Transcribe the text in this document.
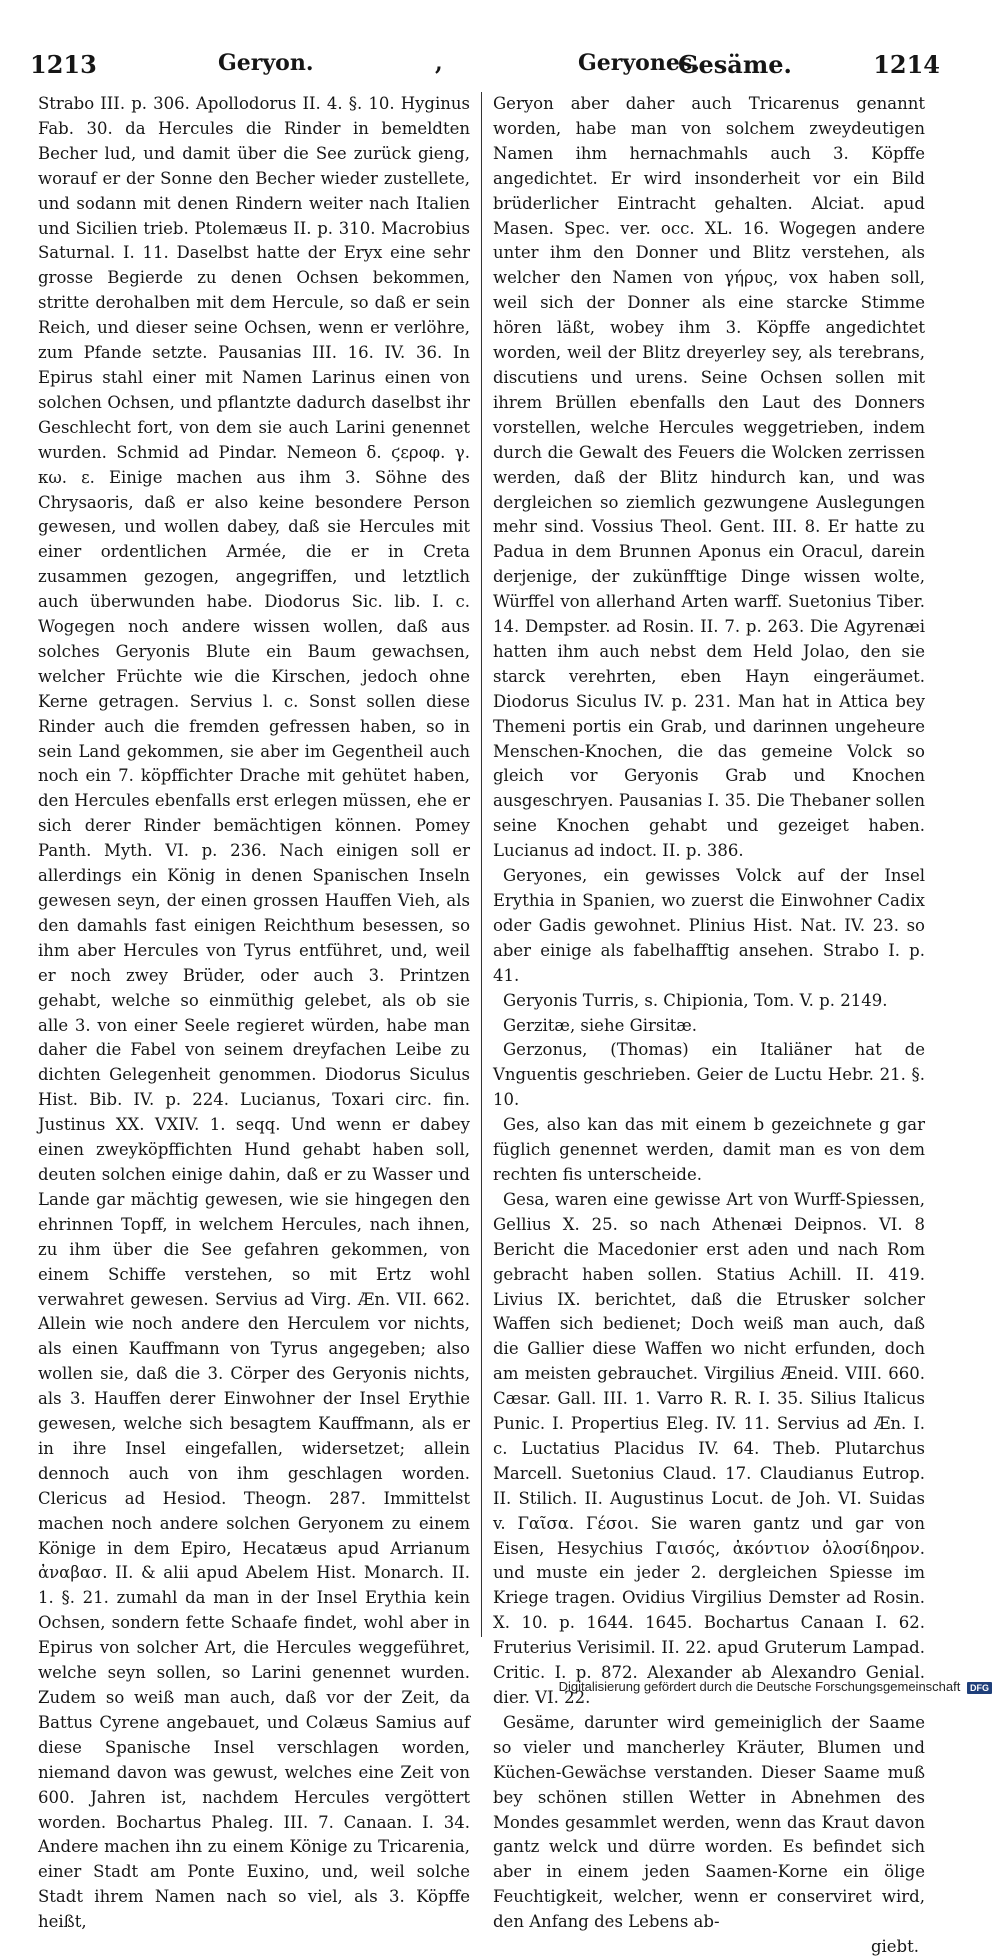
1213	Geryon.	,	Geryones.
Gesäme.	1214

Strabo III. p. 306. Apollodorus II. 4. §. 10. Hyginus Fab. 30. da Hercules die Rinder in bemeldten Becher lud, und damit über die See zurück gieng, worauf er der Sonne den Becher wieder zustellete, und sodann mit denen Rindern weiter nach Italien und Sicilien trieb. Ptolemæus II. p. 310. Macrobius Saturnal. I. 11. Daselbst hatte der Eryx eine sehr grosse Begierde zu denen Ochsen bekommen, stritte derohalben mit dem Hercule, so daß er sein Reich, und dieser seine Ochsen, wenn er verlöhre, zum Pfande setzte. Pausanias III. 16. IV. 36. In Epirus stahl einer mit Namen Larinus einen von solchen Ochsen, und pflantzte dadurch daselbst ihr Geschlecht fort, von dem sie auch Larini genennet wurden. Schmid ad Pindar. Nemeon δ. ϛεροφ. γ. κω. ε. Einige machen aus ihm 3. Söhne des Chrysaoris, daß er also keine besondere Person gewesen, und wollen dabey, daß sie Hercules mit einer ordentlichen Armée, die er in Creta zusammen gezogen, angegriffen, und letztlich auch überwunden habe. Diodorus Sic. lib. I. c. Wogegen noch andere wissen wollen, daß aus solches Geryonis Blute ein Baum gewachsen, welcher Früchte wie die Kirschen, jedoch ohne Kerne getragen. Servius l. c. Sonst sollen diese Rinder auch die fremden gefressen haben, so in sein Land gekommen, sie aber im Gegentheil auch noch ein 7. köpffichter Drache mit gehütet haben, den Hercules ebenfalls erst erlegen müssen, ehe er sich derer Rinder bemächtigen können. Pomey Panth. Myth. VI. p. 236. Nach einigen soll er allerdings ein König in denen Spanischen Inseln gewesen seyn, der einen grossen Hauffen Vieh, als den damahls fast einigen Reichthum besessen, so ihm aber Hercules von Tyrus entführet, und, weil er noch zwey Brüder, oder auch 3. Printzen gehabt, welche so einmüthig gelebet, als ob sie alle 3. von einer Seele regieret würden, habe man daher die Fabel von seinem dreyfachen Leibe zu dichten Gelegenheit genommen. Diodorus Siculus Hist. Bib. IV. p. 224. Lucianus, Toxari circ. fin. Justinus XX. VXIV. 1. seqq. Und wenn er dabey einen zweyköpffichten Hund gehabt haben soll, deuten solchen einige dahin, daß er zu Wasser und Lande gar mächtig gewesen, wie sie hingegen den ehrinnen Topff, in welchem Hercules, nach ihnen, zu ihm über die See gefahren gekommen, von einem Schiffe verstehen, so mit Ertz wohl verwahret gewesen. Servius ad Virg. Æn. VII. 662. Allein wie noch andere den Herculem vor nichts, als einen Kauffmann von Tyrus angegeben; also wollen sie, daß die 3. Cörper des Geryonis nichts, als 3. Hauffen derer Einwohner der Insel Erythie gewesen, welche sich besagtem Kauffmann, als er in ihre Insel eingefallen, widersetzet; allein dennoch auch von ihm geschlagen worden. Clericus ad Hesiod. Theogn. 287. Immittelst machen noch andere solchen Geryonem zu einem Könige in dem Epiro, Hecatæus apud Arrianum ἀναβασ. II. & alii apud Abelem Hist. Monarch. II. 1. §. 21. zumahl da man in der Insel Erythia kein Ochsen, sondern fette Schaafe findet, wohl aber in Epirus von solcher Art, die Hercules weggeführet, welche seyn sollen, so Larini genennet wurden. Zudem so weiß man auch, daß vor der Zeit, da Battus Cyrene angebauet, und Colæus Samius auf diese Spanische Insel verschlagen worden, niemand davon was gewust, welches eine Zeit von 600. Jahren ist, nachdem Hercules vergöttert worden. Bochartus Phaleg. III. 7. Canaan. I. 34. Andere machen ihn zu einem Könige zu Tricarenia, einer Stadt am Ponte Euxino, und, weil solche Stadt ihrem Namen nach so viel, als 3. Köpffe heißt,

Geryon aber daher auch Tricarenus genannt worden, habe man von solchem zweydeutigen Namen ihm hernachmahls auch 3. Köpffe angedichtet. Er wird insonderheit vor ein Bild brüderlicher Eintracht gehalten. Alciat. apud Masen. Spec. ver. occ. XL. 16. Wogegen andere unter ihm den Donner und Blitz verstehen, als welcher den Namen von γήρυς, vox haben soll, weil sich der Donner als eine starcke Stimme hören läßt, wobey ihm 3. Köpffe angedichtet worden, weil der Blitz dreyerley sey, als terebrans, discutiens und urens. Seine Ochsen sollen mit ihrem Brüllen ebenfalls den Laut des Donners vorstellen, welche Hercules weggetrieben, indem durch die Gewalt des Feuers die Wolcken zerrissen werden, daß der Blitz hindurch kan, und was dergleichen so ziemlich gezwungene Auslegungen mehr sind. Vossius Theol. Gent. III. 8. Er hatte zu Padua in dem Brunnen Aponus ein Oracul, darein derjenige, der zukünfftige Dinge wissen wolte, Würffel von allerhand Arten warff. Suetonius Tiber. 14. Dempster. ad Rosin. II. 7. p. 263. Die Agyrenæi hatten ihm auch nebst dem Held Jolao, den sie starck verehrten, eben Hayn eingeräumet. Diodorus Siculus IV. p. 231. Man hat in Attica bey Themeni portis ein Grab, und darinnen ungeheure Menschen-Knochen, die das gemeine Volck so gleich vor Geryonis Grab und Knochen ausgeschryen. Pausanias I. 35. Die Thebaner sollen seine Knochen gehabt und gezeiget haben. Lucianus ad indoct. II. p. 386.

Geryones, ein gewisses Volck auf der Insel Erythia in Spanien, wo zuerst die Einwohner Cadix oder Gadis gewohnet. Plinius Hist. Nat. IV. 23. so aber einige als fabelhafftig ansehen. Strabo I. p. 41.

Geryonis Turris, s. Chipionia, Tom. V. p. 2149.

Gerzitæ, siehe Girsitæ.

Gerzonus, (Thomas) ein Italiäner hat de Vnguentis geschrieben. Geier de Luctu Hebr. 21. §. 10.

Ges, also kan das mit einem b gezeichnete g gar füglich genennet werden, damit man es von dem rechten fis unterscheide.

Gesa, waren eine gewisse Art von Wurff-Spiessen, Gellius X. 25. so nach Athenæi Deipnos. VI. 8 Bericht die Macedonier erst aden und nach Rom gebracht haben sollen. Statius Achill. II. 419. Livius IX. berichtet, daß die Etrusker solcher Waffen sich bedienet; Doch weiß man auch, daß die Gallier diese Waffen wo nicht erfunden, doch am meisten gebrauchet. Virgilius Æneid. VIII. 660. Cæsar. Gall. III. 1. Varro R. R. I. 35. Silius Italicus Punic. I. Propertius Eleg. IV. 11. Servius ad Æn. I. c. Luctatius Placidus IV. 64. Theb. Plutarchus Marcell. Suetonius Claud. 17. Claudianus Eutrop. II. Stilich. II. Augustinus Locut. de Joh. VI. Suidas v. Γαῖσα. Γέσοι. Sie waren gantz und gar von Eisen, Hesychius Γαισός, ἀκόντιον ὁλοσίδηρον. und muste ein jeder 2. dergleichen Spiesse im Kriege tragen. Ovidius Virgilius Demster ad Rosin. X. 10. p. 1644. 1645. Bochartus Canaan I. 62. Fruterius Verisimil. II. 22. apud Gruterum Lampad. Critic. I. p. 872. Alexander ab Alexandro Genial. dier. VI. 22.

Gesäme, darunter wird gemeiniglich der Saame so vieler und mancherley Kräuter, Blumen und Küchen-Gewächse verstanden. Dieser Saame muß bey schönen stillen Wetter in Abnehmen des Mondes gesammlet werden, wenn das Kraut davon gantz welck und dürre worden. Es befindet sich aber in einem jeden Saamen-Korne ein ölige Feuchtigkeit, welcher, wenn er conserviret wird, den Anfang des Lebens ab-

giebt.

Digitalisierung gefördert durch die Deutsche Forschungsgemeinschaft DFG
